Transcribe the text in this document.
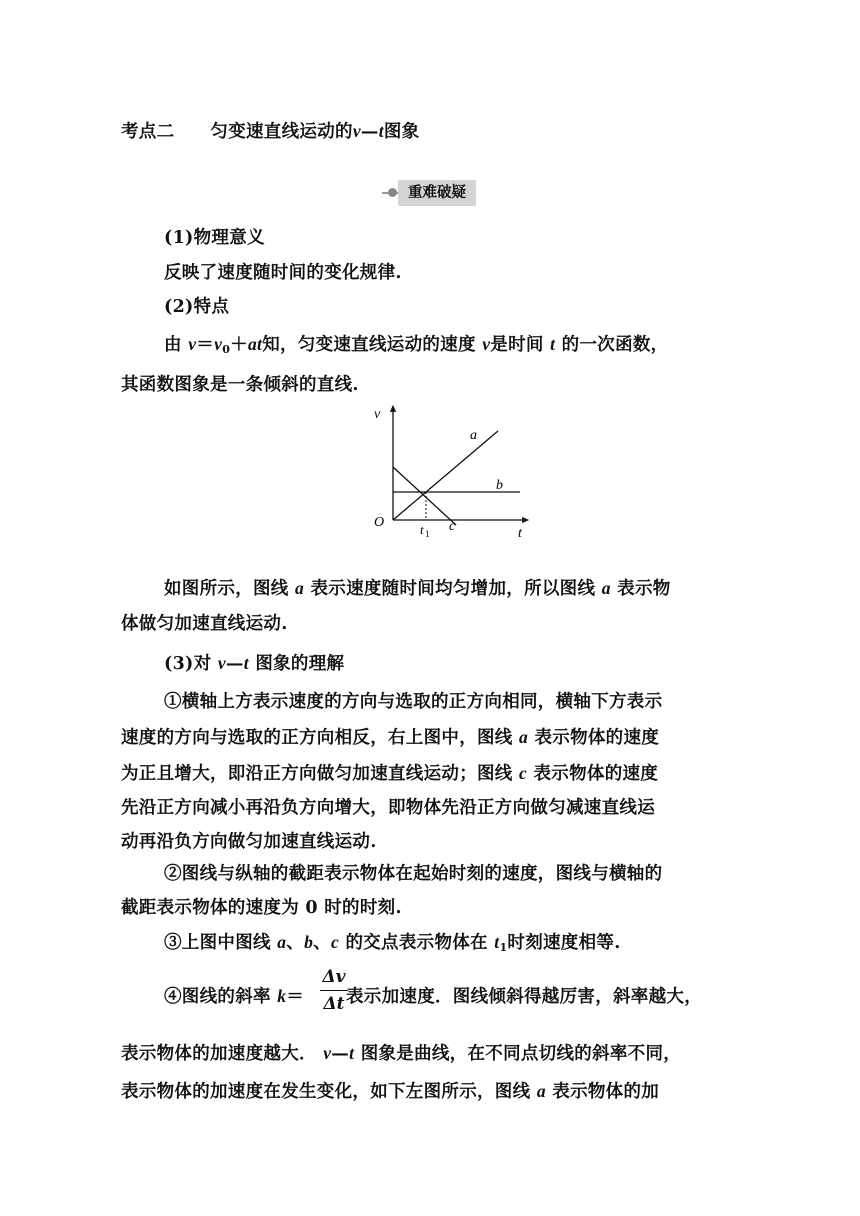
考点二 匀变速直线运动的v—t图象
重难破疑
(1)物理意义
反映了速度随时间的变化规律.
(2)特点
由 $v=v_0+at$知，匀变速直线运动的速度 v是时间 t 的一次函数，
其函数图象是一条倾斜的直线.
v
t
O	t 1
a
b
c
如图所示，图线 a 表示速度随时间均匀增加，所以图线 a 表示物
体做匀加速直线运动.
(3)对 v—t 图象的理解
①横轴上方表示速度的方向与选取的正方向相同，横轴下方表示
速度的方向与选取的正方向相反，右上图中，图线 a 表示物体的速度
为正且增大，即沿正方向做匀加速直线运动；图线 c 表示物体的速度
先沿正方向减小再沿负方向增大，即物体先沿正方向做匀减速直线运
动再沿负方向做匀加速直线运动.
②图线与纵轴的截距表示物体在起始时刻的速度，图线与横轴的
截距表示物体的速度为 0 时的时刻.
③上图中图线 a、b、c 的交点表示物体在 $t_1$时刻速度相等.
④图线的斜率 k＝
Δv
Δt 表示加速度．图线倾斜得越厉害，斜率越大，
表示物体的加速度越大． v—t 图象是曲线，在不同点切线的斜率不同，
表示物体的加速度在发生变化，如下左图所示，图线 a 表示物体的加
